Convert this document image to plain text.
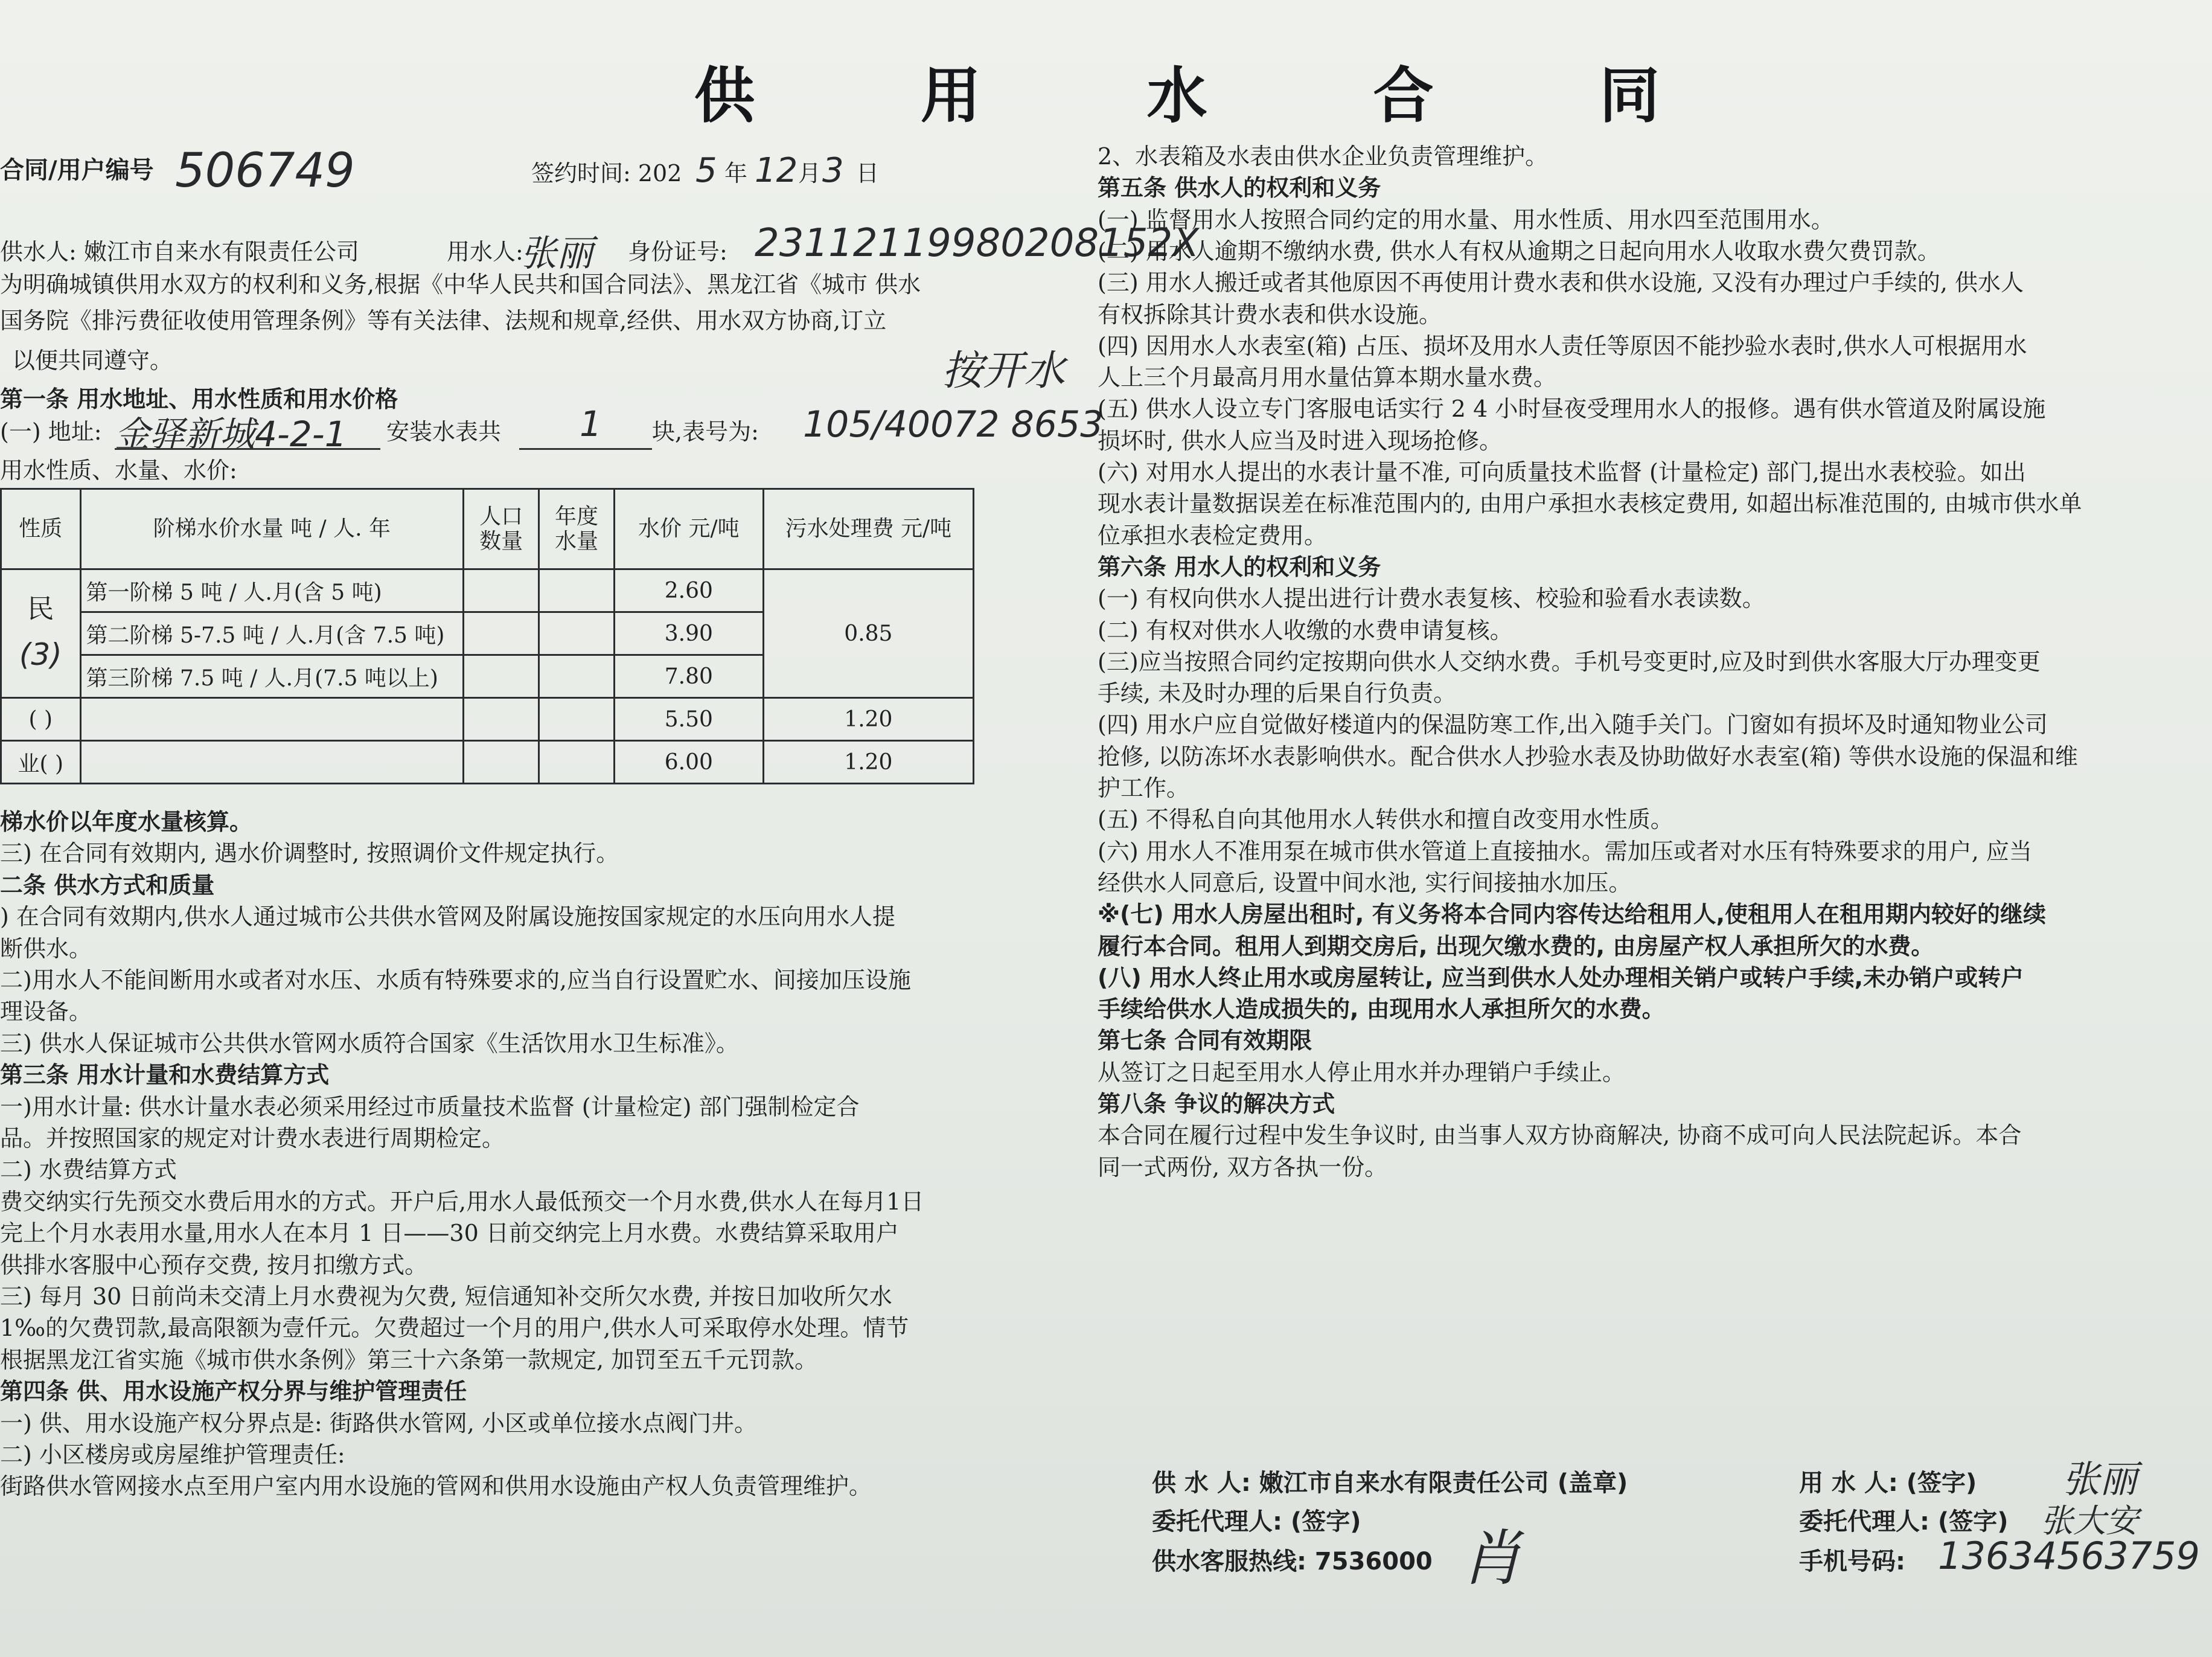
供 用 水 合 同
合同/用户编号 506749	签约时间: 202 5 年 12 月 3 日
供水人: 嫩江市自来水有限责任公司	用水人:
张丽 身份证号: 23112119980208152X
为明确城镇供用水双方的权利和义务,根据《中华人民共和国合同法》、黑龙江省《城市 供水
国务院《排污费征收使用管理条例》等有关法律、法规和规章,经供、用水双方协商,订立
以便共同遵守。	按开水
第一条 用水地址、用水性质和用水价格
(一) 地址: 金驿新城4-2-1 安装水表共 1 块,表号为: 105/40072 8653
用水性质、水量、水价:
性质	阶梯水价水量 吨 / 人. 年	人口数量	年度水量	水价 元/吨	污水处理费 元/吨

民
(3)	第一阶梯 5 吨 / 人.月(含 5 吨)			2.60	0.85
	第二阶梯 5-7.5 吨 / 人.月(含 7.5 吨)			3.90	
	第三阶梯 7.5 吨 / 人.月(7.5 吨以上)			7.80	
( )				5.50	1.20
业( )				6.00	1.20
梯水价以年度水量核算。
三) 在合同有效期内, 遇水价调整时, 按照调价文件规定执行。
二条 供水方式和质量
) 在合同有效期内,供水人通过城市公共供水管网及附属设施按国家规定的水压向用水人提
断供水。
二)用水人不能间断用水或者对水压、水质有特殊要求的,应当自行设置贮水、间接加压设施
理设备。
三) 供水人保证城市公共供水管网水质符合国家《生活饮用水卫生标准》。
第三条 用水计量和水费结算方式
一)用水计量: 供水计量水表必须采用经过市质量技术监督 (计量检定) 部门强制检定合
品。并按照国家的规定对计费水表进行周期检定。
二) 水费结算方式
费交纳实行先预交水费后用水的方式。开户后,用水人最低预交一个月水费,供水人在每月1日
完上个月水表用水量,用水人在本月 1 日——30 日前交纳完上月水费。水费结算采取用户
供排水客服中心预存交费, 按月扣缴方式。
三) 每月 30 日前尚未交清上月水费视为欠费, 短信通知补交所欠水费, 并按日加收所欠水
1‰的欠费罚款,最高限额为壹仟元。欠费超过一个月的用户,供水人可采取停水处理。情节
根据黑龙江省实施《城市供水条例》第三十六条第一款规定, 加罚至五千元罚款。
第四条 供、用水设施产权分界与维护管理责任
一) 供、用水设施产权分界点是: 街路供水管网, 小区或单位接水点阀门井。
二) 小区楼房或房屋维护管理责任:
街路供水管网接水点至用户室内用水设施的管网和供用水设施由产权人负责管理维护。
2、水表箱及水表由供水企业负责管理维护。
第五条 供水人的权利和义务
(一) 监督用水人按照合同约定的用水量、用水性质、用水四至范围用水。
(二) 用水人逾期不缴纳水费, 供水人有权从逾期之日起向用水人收取水费欠费罚款。
(三) 用水人搬迁或者其他原因不再使用计费水表和供水设施, 又没有办理过户手续的, 供水人
有权拆除其计费水表和供水设施。
(四) 因用水人水表室(箱) 占压、损坏及用水人责任等原因不能抄验水表时,供水人可根据用水
人上三个月最高月用水量估算本期水量水费。
(五) 供水人设立专门客服电话实行 2 4 小时昼夜受理用水人的报修。遇有供水管道及附属设施
损坏时, 供水人应当及时进入现场抢修。
(六) 对用水人提出的水表计量不准, 可向质量技术监督 (计量检定) 部门,提出水表校验。如出
现水表计量数据误差在标准范围内的, 由用户承担水表核定费用, 如超出标准范围的, 由城市供水单
位承担水表检定费用。
第六条 用水人的权利和义务
(一) 有权向供水人提出进行计费水表复核、校验和验看水表读数。
(二) 有权对供水人收缴的水费申请复核。
(三)应当按照合同约定按期向供水人交纳水费。手机号变更时,应及时到供水客服大厅办理变更
手续, 未及时办理的后果自行负责。
(四) 用水户应自觉做好楼道内的保温防寒工作,出入随手关门。门窗如有损坏及时通知物业公司
抢修, 以防冻坏水表影响供水。配合供水人抄验水表及协助做好水表室(箱) 等供水设施的保温和维
护工作。
(五) 不得私自向其他用水人转供水和擅自改变用水性质。
(六) 用水人不准用泵在城市供水管道上直接抽水。需加压或者对水压有特殊要求的用户, 应当
经供水人同意后, 设置中间水池, 实行间接抽水加压。
※(七) 用水人房屋出租时, 有义务将本合同内容传达给租用人,使租用人在租用期内较好的继续
履行本合同。租用人到期交房后, 出现欠缴水费的, 由房屋产权人承担所欠的水费。
(八) 用水人终止用水或房屋转让, 应当到供水人处办理相关销户或转户手续,未办销户或转户
手续给供水人造成损失的, 由现用水人承担所欠的水费。
第七条 合同有效期限
从签订之日起至用水人停止用水并办理销户手续止。
第八条 争议的解决方式
本合同在履行过程中发生争议时, 由当事人双方协商解决, 协商不成可向人民法院起诉。本合
同一式两份, 双方各执一份。
供 水 人: 嫩江市自来水有限责任公司 (盖章)
委托代理人: (签字)
供水客服热线: 7536000 肖
用 水 人: (签字)
委托代理人: (签字)
手机号码:
张丽
张大安
13634563759
